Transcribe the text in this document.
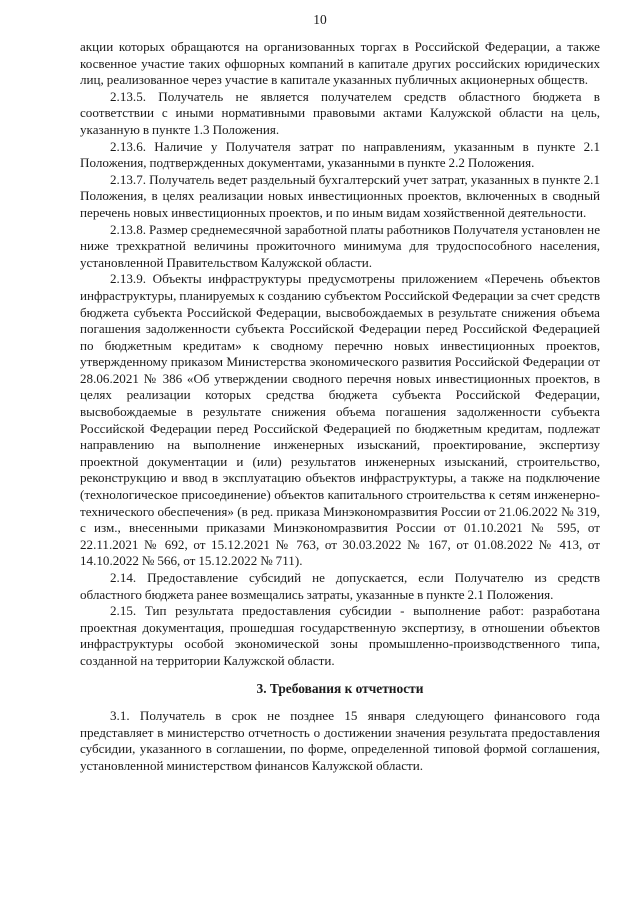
10

акции которых обращаются на организованных торгах в Российской Федерации, а также косвенное участие таких офшорных компаний в капитале других российских юридических лиц, реализованное через участие в капитале указанных публичных акционерных обществ.

2.13.5. Получатель не является получателем средств областного бюджета в соответствии с иными нормативными правовыми актами Калужской области на цель, указанную в пункте 1.3 Положения.

2.13.6. Наличие у Получателя затрат по направлениям, указанным в пункте 2.1 Положения, подтвержденных документами, указанными в пункте 2.2 Положения.

2.13.7. Получатель ведет раздельный бухгалтерский учет затрат, указанных в пункте 2.1 Положения, в целях реализации новых инвестиционных проектов, включенных в сводный перечень новых инвестиционных проектов, и по иным видам хозяйственной деятельности.

2.13.8. Размер среднемесячной заработной платы работников Получателя установлен не ниже трехкратной величины прожиточного минимума для трудоспособного населения, установленной Правительством Калужской области.

2.13.9. Объекты инфраструктуры предусмотрены приложением «Перечень объектов инфраструктуры, планируемых к созданию субъектом Российской Федерации за счет средств бюджета субъекта Российской Федерации, высвобождаемых в результате снижения объема погашения задолженности субъекта Российской Федерации перед Российской Федерацией по бюджетным кредитам» к сводному перечню новых инвестиционных проектов, утвержденному приказом Министерства экономического развития Российской Федерации от 28.06.2021 № 386 «Об утверждении сводного перечня новых инвестиционных проектов, в целях реализации которых средства бюджета субъекта Российской Федерации, высвобождаемые в результате снижения объема погашения задолженности субъекта Российской Федерации перед Российской Федерацией по бюджетным кредитам, подлежат направлению на выполнение инженерных изысканий, проектирование, экспертизу проектной документации и (или) результатов инженерных изысканий, строительство, реконструкцию и ввод в эксплуатацию объектов инфраструктуры, а также на подключение (технологическое присоединение) объектов капитального строительства к сетям инженерно-технического обеспечения» (в ред. приказа Минэкономразвития России от 21.06.2022 № 319, с изм., внесенными приказами Минэкономразвития России от 01.10.2021 № 595, от 22.11.2021 № 692, от 15.12.2021 № 763, от 30.03.2022 № 167, от 01.08.2022 № 413, от 14.10.2022 № 566, от 15.12.2022 № 711).

2.14. Предоставление субсидий не допускается, если Получателю из средств областного бюджета ранее возмещались затраты, указанные в пункте 2.1 Положения.

2.15. Тип результата предоставления субсидии - выполнение работ: разработана проектная документация, прошедшая государственную экспертизу, в отношении объектов инфраструктуры особой экономической зоны промышленно-производственного типа, созданной на территории Калужской области.

3. Требования к отчетности

3.1. Получатель в срок не позднее 15 января следующего финансового года представляет в министерство отчетность о достижении значения результата предоставления субсидии, указанного в соглашении, по форме, определенной типовой формой соглашения, установленной министерством финансов Калужской области.
